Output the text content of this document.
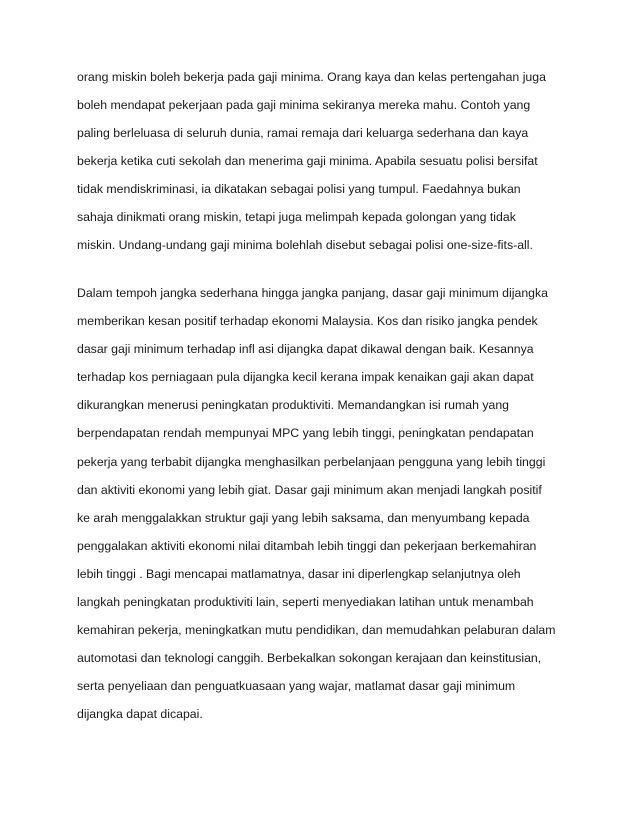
orang miskin boleh bekerja pada gaji minima. Orang kaya dan kelas pertengahan juga
boleh mendapat pekerjaan pada gaji minima sekiranya mereka mahu. Contoh yang
paling berleluasa di seluruh dunia, ramai remaja dari keluarga sederhana dan kaya
bekerja ketika cuti sekolah dan menerima gaji minima. Apabila sesuatu polisi bersifat
tidak mendiskriminasi, ia dikatakan sebagai polisi yang tumpul. Faedahnya bukan
sahaja dinikmati orang miskin, tetapi juga melimpah kepada golongan yang tidak
miskin. Undang-undang gaji minima bolehlah disebut sebagai polisi one-size-fits-all.
Dalam tempoh jangka sederhana hingga jangka panjang, dasar gaji minimum dijangka
memberikan kesan positif terhadap ekonomi Malaysia. Kos dan risiko jangka pendek
dasar gaji minimum terhadap infl asi dijangka dapat dikawal dengan baik. Kesannya
terhadap kos perniagaan pula dijangka kecil kerana impak kenaikan gaji akan dapat
dikurangkan menerusi peningkatan produktiviti. Memandangkan isi rumah yang
berpendapatan rendah mempunyai MPC yang lebih tinggi, peningkatan pendapatan
pekerja yang terbabit dijangka menghasilkan perbelanjaan pengguna yang lebih tinggi
dan aktiviti ekonomi yang lebih giat. Dasar gaji minimum akan menjadi langkah positif
ke arah menggalakkan struktur gaji yang lebih saksama, dan menyumbang kepada
penggalakan aktiviti ekonomi nilai ditambah lebih tinggi dan pekerjaan berkemahiran
lebih tinggi . Bagi mencapai matlamatnya, dasar ini diperlengkap selanjutnya oleh
langkah peningkatan produktiviti lain, seperti menyediakan latihan untuk menambah
kemahiran pekerja, meningkatkan mutu pendidikan, dan memudahkan pelaburan dalam
automotasi dan teknologi canggih. Berbekalkan sokongan kerajaan dan keinstitusian,
serta penyeliaan dan penguatkuasaan yang wajar, matlamat dasar gaji minimum
dijangka dapat dicapai.
